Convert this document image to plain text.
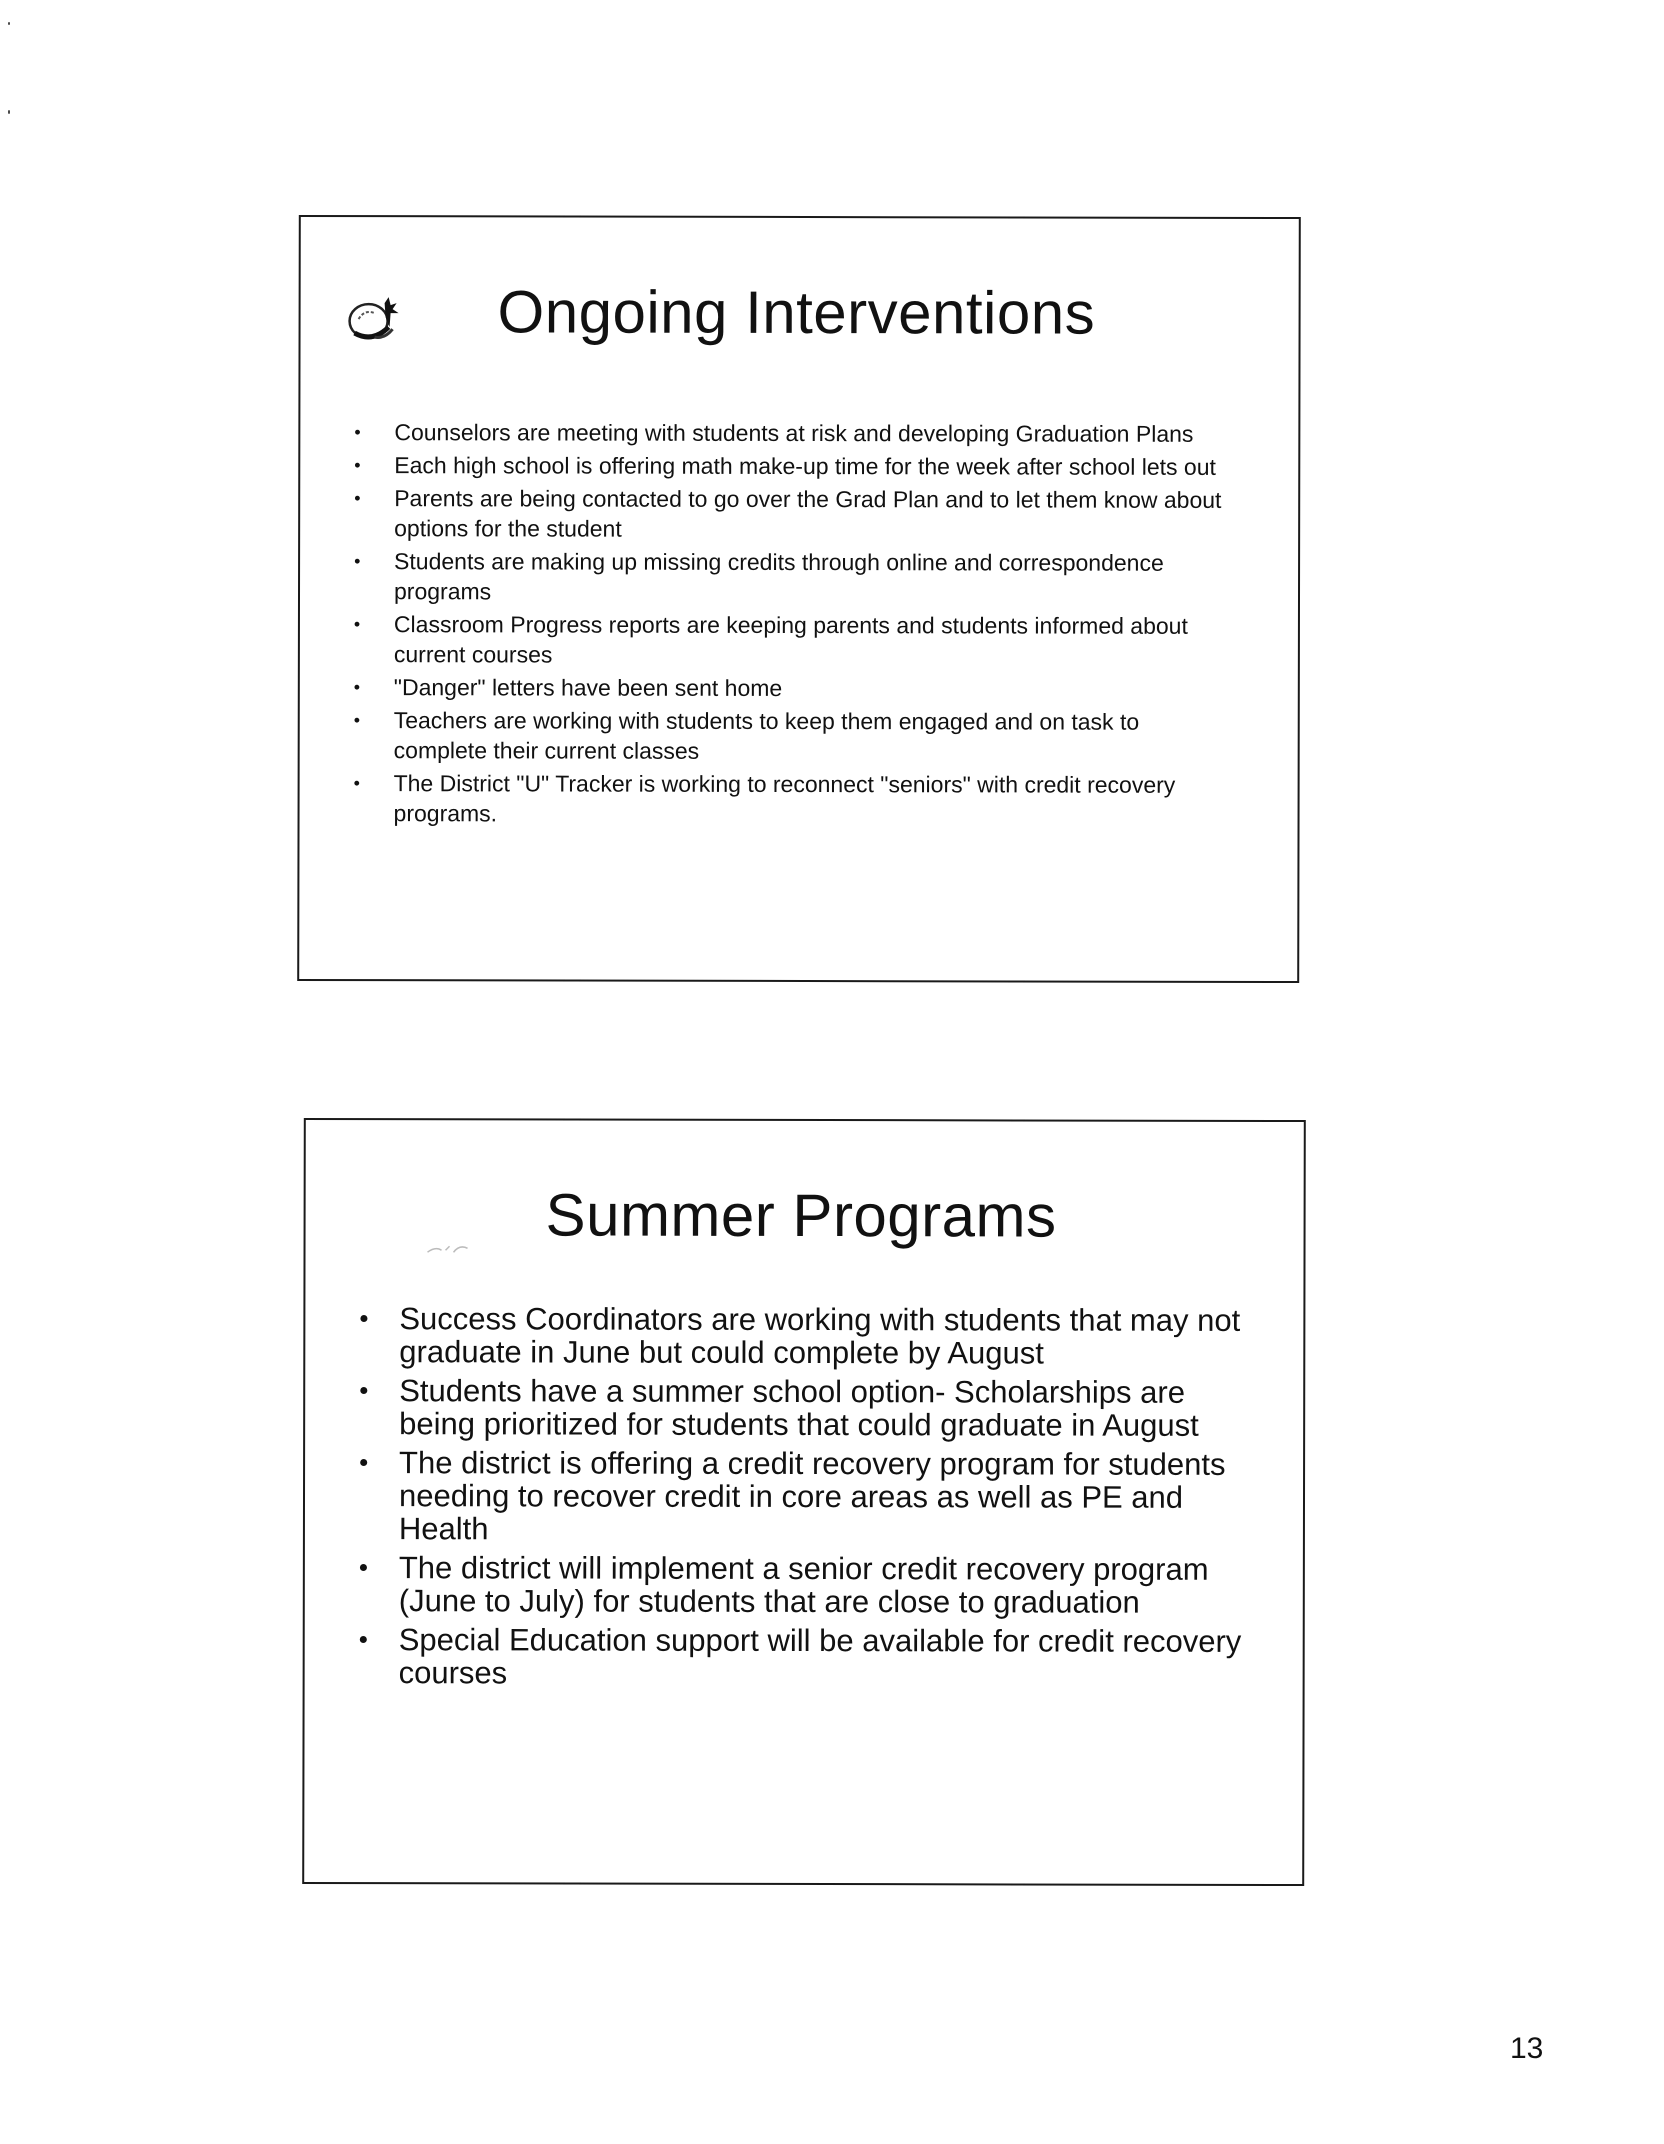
Ongoing Interventions
• Counselors are meeting with students at risk and developing Graduation Plans
• Each high school is offering math make-up time for the week after school lets out
• Parents are being contacted to go over the Grad Plan and to let them know about options for the student
• Students are making up missing credits through online and correspondence programs
• Classroom Progress reports are keeping parents and students informed about current courses
• "Danger" letters have been sent home
• Teachers are working with students to keep them engaged and on task to complete their current classes
• The District "U" Tracker is working to reconnect "seniors" with credit recovery programs.
Summer Programs
• Success Coordinators are working with students that may not graduate in June but could complete by August
• Students have a summer school option- Scholarships are being prioritized for students that could graduate in August
• The district is offering a credit recovery program for students needing to recover credit in core areas as well as PE and Health
• The district will implement a senior credit recovery program (June to July) for students that are close to graduation
• Special Education support will be available for credit recovery courses
13
